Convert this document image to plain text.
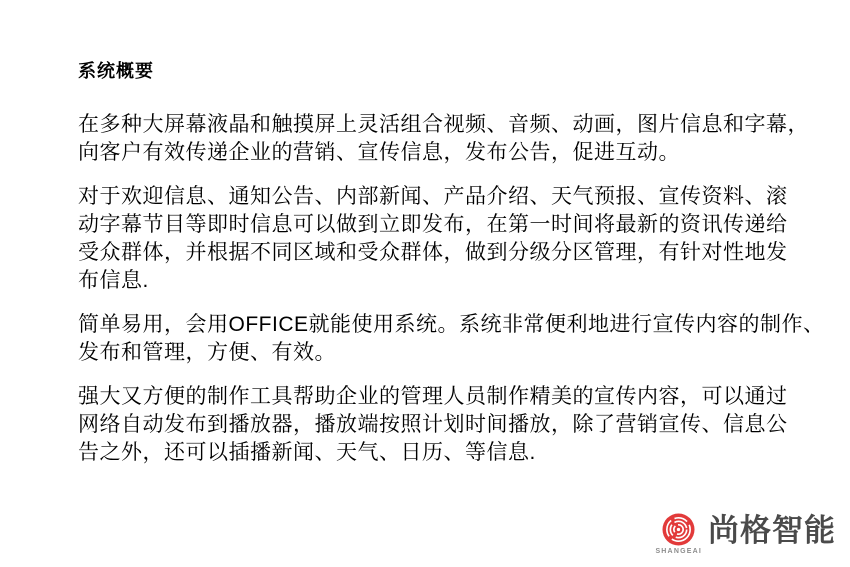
系统概要
在多种大屏幕液晶和触摸屏上灵活组合视频、音频、动画，图片信息和字幕，
向客户有效传递企业的营销、宣传信息，发布公告，促进互动。
对于欢迎信息、通知公告、内部新闻、产品介绍、天气预报、宣传资料、滚
动字幕节目等即时信息可以做到立即发布，在第一时间将最新的资讯传递给
受众群体，并根据不同区域和受众群体，做到分级分区管理，有针对性地发
布信息.
简单易用，会用OFFICE就能使用系统。系统非常便利地进行宣传内容的制作、
发布和管理，方便、有效。
强大又方便的制作工具帮助企业的管理人员制作精美的宣传内容，可以通过
网络自动发布到播放器，播放端按照计划时间播放，除了营销宣传、信息公
告之外，还可以插播新闻、天气、日历、等信息.
SHANGEAI
尚格智能
